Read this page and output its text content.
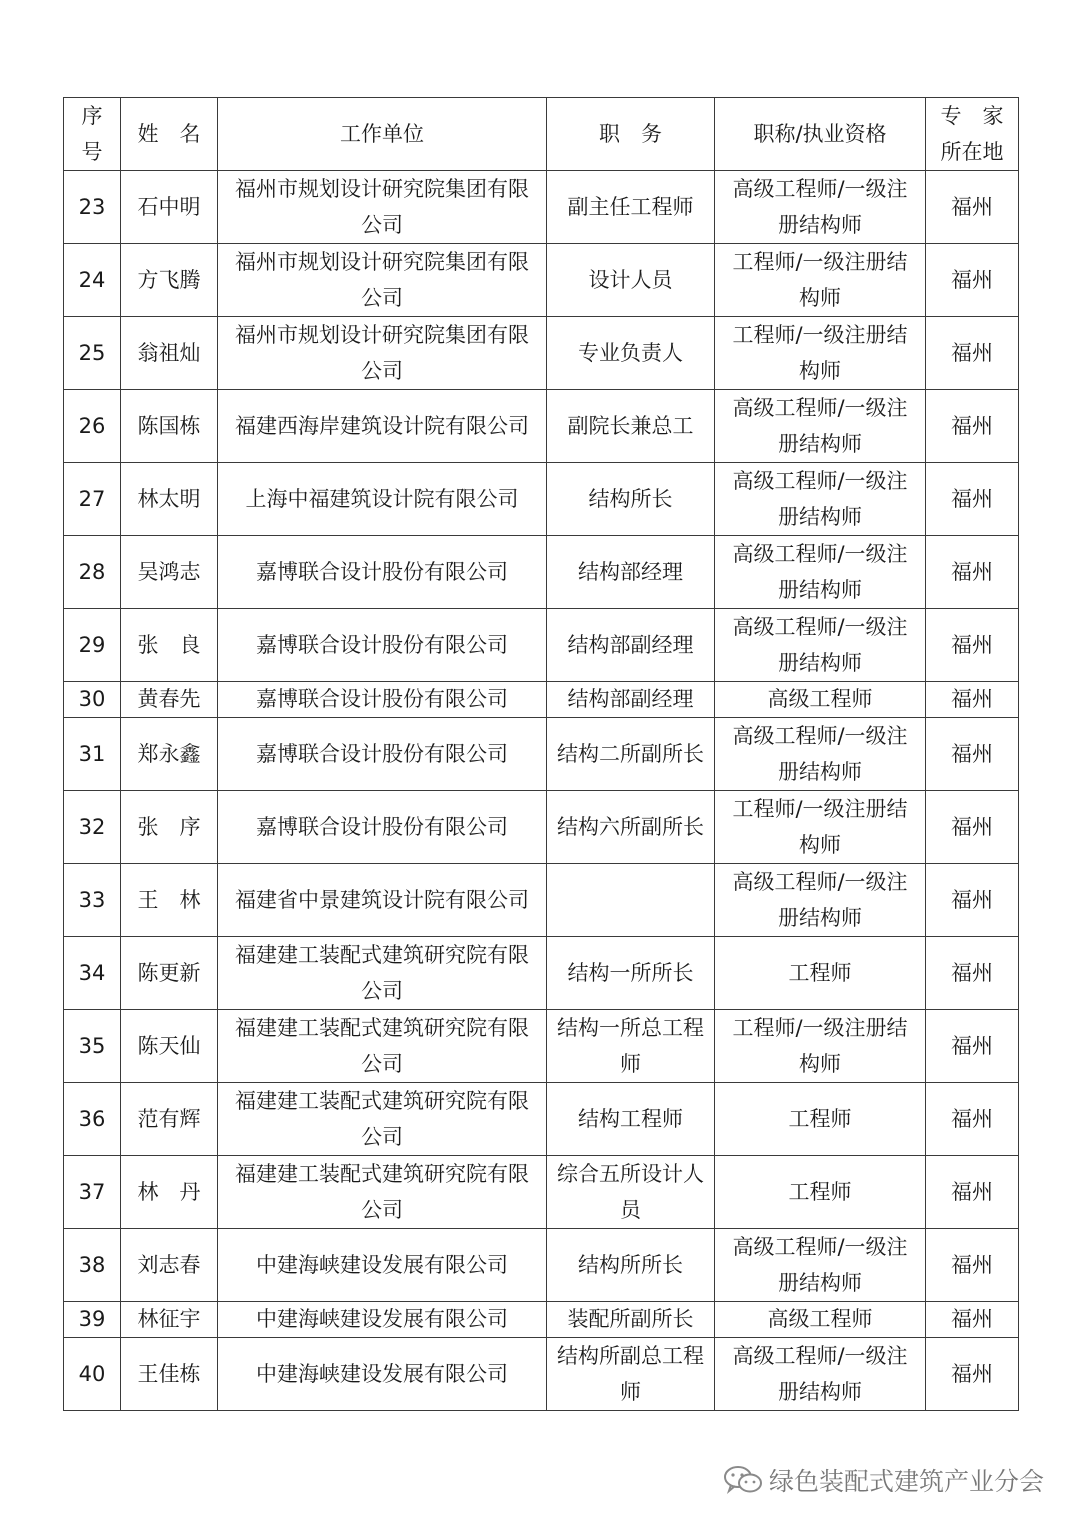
序号	姓　名	工作单位	职　务	职称/执业资格	专　家所在地
23	石中明	福州市规划设计研究院集团有限公司	副主任工程师	高级工程师/一级注册结构师	福州
24	方飞腾	福州市规划设计研究院集团有限公司	设计人员	工程师/一级注册结构师	福州
25	翁祖灿	福州市规划设计研究院集团有限公司	专业负责人	工程师/一级注册结构师	福州
26	陈国栋	福建西海岸建筑设计院有限公司	副院长兼总工	高级工程师/一级注册结构师	福州
27	林太明	上海中福建筑设计院有限公司	结构所长	高级工程师/一级注册结构师	福州
28	吴鸿志	嘉博联合设计股份有限公司	结构部经理	高级工程师/一级注册结构师	福州
29	张　良	嘉博联合设计股份有限公司	结构部副经理	高级工程师/一级注册结构师	福州
30	黄春先	嘉博联合设计股份有限公司	结构部副经理	高级工程师	福州
31	郑永鑫	嘉博联合设计股份有限公司	结构二所副所长	高级工程师/一级注册结构师	福州
32	张　序	嘉博联合设计股份有限公司	结构六所副所长	工程师/一级注册结构师	福州
33	王　林	福建省中景建筑设计院有限公司		高级工程师/一级注册结构师	福州
34	陈更新	福建建工装配式建筑研究院有限公司	结构一所所长	工程师	福州
35	陈天仙	福建建工装配式建筑研究院有限公司	结构一所总工程师	工程师/一级注册结构师	福州
36	范有辉	福建建工装配式建筑研究院有限公司	结构工程师	工程师	福州
37	林　丹	福建建工装配式建筑研究院有限公司	综合五所设计人员	工程师	福州
38	刘志春	中建海峡建设发展有限公司	结构所所长	高级工程师/一级注册结构师	福州
39	林征宇	中建海峡建设发展有限公司	装配所副所长	高级工程师	福州
40	王佳栋	中建海峡建设发展有限公司	结构所副总工程师	高级工程师/一级注册结构师	福州
绿色装配式建筑产业分会
